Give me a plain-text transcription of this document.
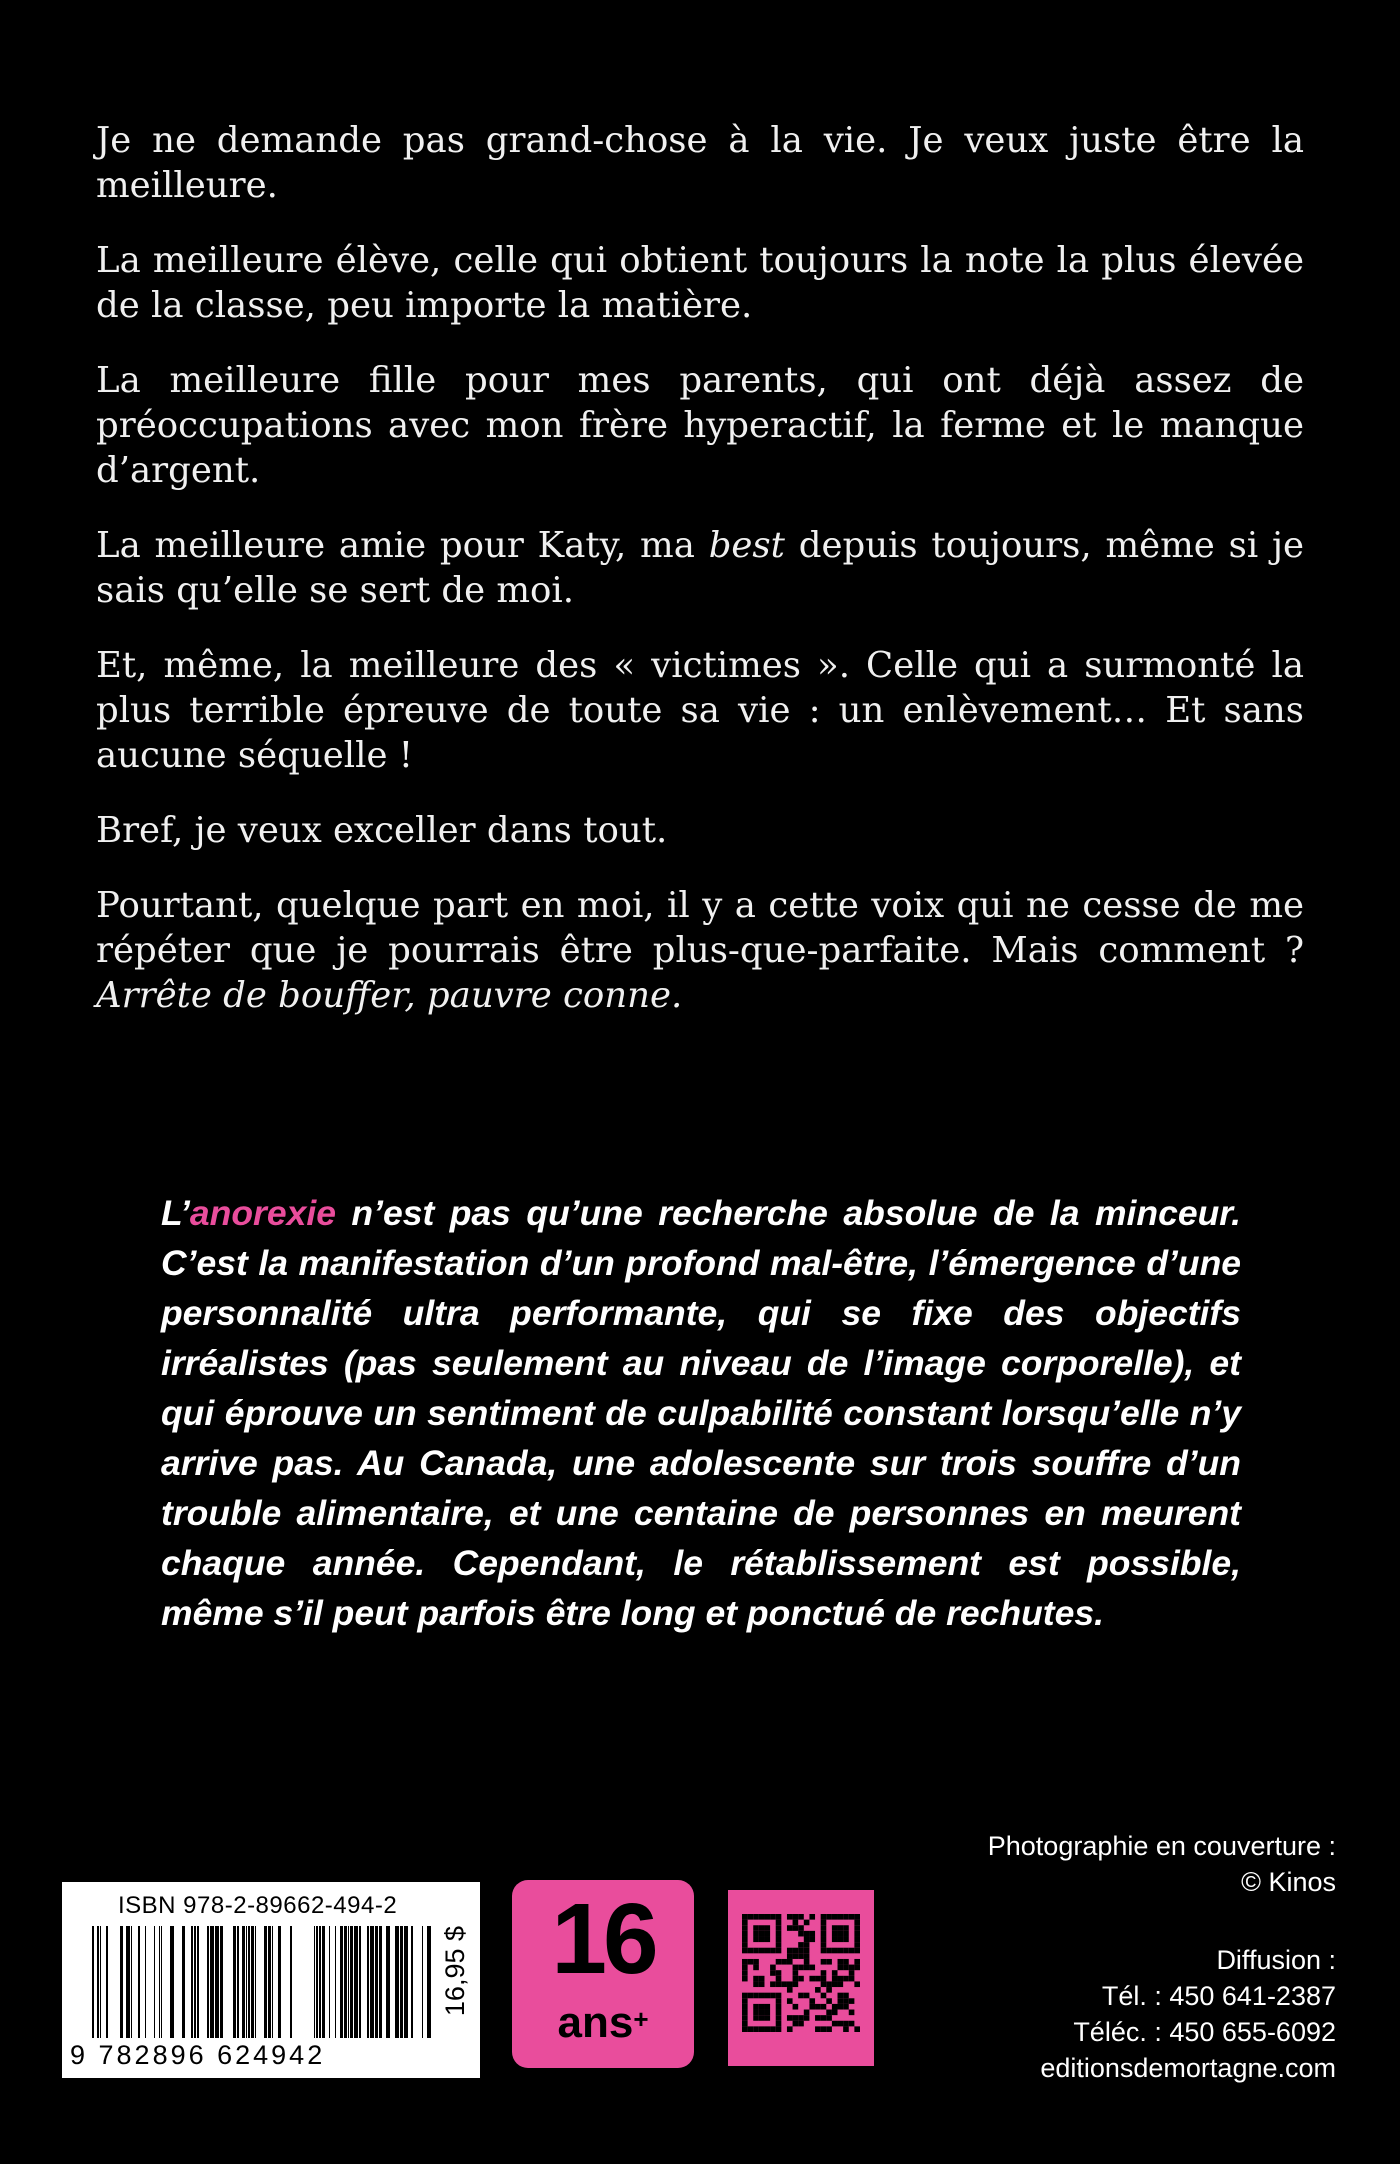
Je ne demande pas grand-chose à la vie. Je veux juste être la meilleure.

La meilleure élève, celle qui obtient toujours la note la plus élevée de la classe, peu importe la matière.

La meilleure fille pour mes parents, qui ont déjà assez de préoccupations avec mon frère hyperactif, la ferme et le manque d’argent.

La meilleure amie pour Katy, ma best depuis toujours, même si je sais qu’elle se sert de moi.

Et, même, la meilleure des « victimes ». Celle qui a surmonté la plus terrible épreuve de toute sa vie : un enlèvement… Et sans aucune séquelle !

Bref, je veux exceller dans tout.

Pourtant, quelque part en moi, il y a cette voix qui ne cesse de me répéter que je pourrais être plus-que-parfaite. Mais comment ? Arrête de bouffer, pauvre conne.

L’anorexie n’est pas qu’une recherche absolue de la minceur. C’est la manifestation d’un profond mal-être, l’émergence d’une personnalité ultra performante, qui se fixe des objectifs irréalistes (pas seulement au niveau de l’image corporelle), et qui éprouve un sentiment de culpabilité constant lorsqu’elle n’y arrive pas. Au Canada, une adolescente sur trois souffre d’un trouble alimentaire, et une centaine de personnes en meurent chaque année. Cependant, le rétablissement est possible, même s’il peut parfois être long et ponctué de rechutes.

Photographie en couverture :
© Kinos
Diffusion :
Tél. : 450 641-2387
Téléc. : 450 655-6092
editionsdemortagne.com
ISBN 978-2-89662-494-2
9 782896 624942
16,95 $ 16
ans+
